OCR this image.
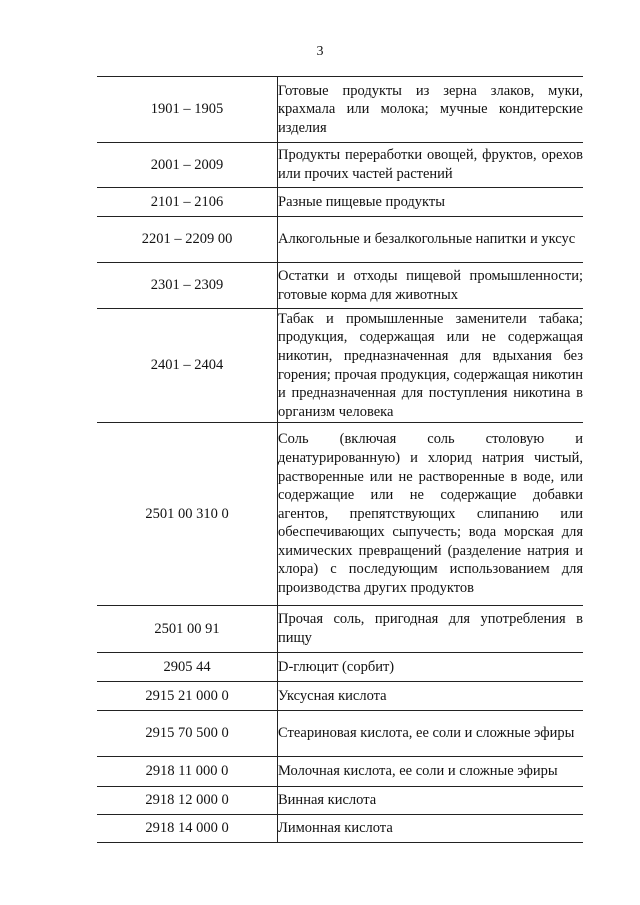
3
1901 – 1905	Готовые продукты из зерна злаков, муки, крахмала или молока; мучные кондитерские изделия
2001 – 2009	Продукты переработки овощей, фруктов, орехов или прочих частей растений
2101 – 2106	Разные пищевые продукты
2201 – 2209 00	Алкогольные и безалкогольные напитки и уксус
2301 – 2309	Остатки и отходы пищевой промышленности; готовые корма для животных
2401 – 2404	Табак и промышленные заменители табака; продукция, содержащая или не содержащая никотин, предназначенная для вдыхания без горения; прочая продукция, содержащая никотин и предназначенная для поступления никотина в организм человека
2501 00 310 0	Соль (включая соль столовую и денатурированную) и хлорид натрия чистый, растворенные или не растворенные в воде, или содержащие или не содержащие добавки агентов, препятствующих слипанию или обеспечивающих сыпучесть; вода морская для химических превращений (разделение натрия и хлора) с последующим использованием для производства других продуктов
2501 00 91	Прочая соль, пригодная для употребления в пищу
2905 44	D-глюцит (сорбит)
2915 21 000 0	Уксусная кислота
2915 70 500 0	Стеариновая кислота, ее соли и сложные эфиры
2918 11 000 0	Молочная кислота, ее соли и сложные эфиры
2918 12 000 0	Винная кислота
2918 14 000 0	Лимонная кислота
